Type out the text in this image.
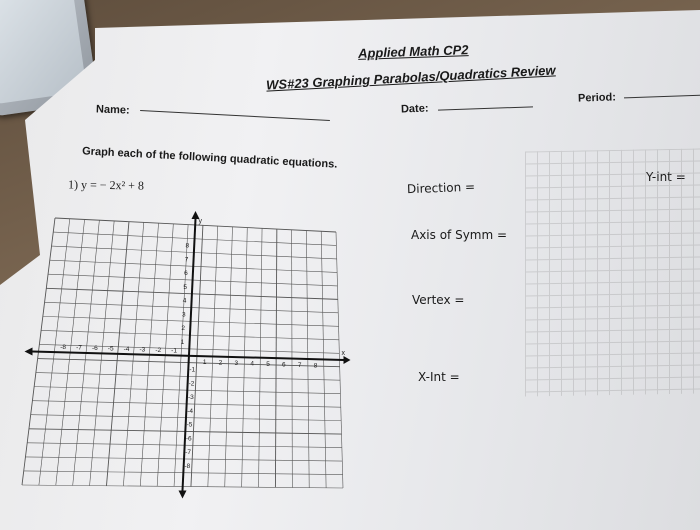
Applied Math CP2
WS#23 Graphing Parabolas/Quadratics Review
Name:	Date:
Period:
Graph each of the following quadratic equations.
1) y = − 2x² + 8	Direction =
Axis of Symm =
Vertex =
X-Int =
Y-int =
-8 -7 -6 -5 -4 -3 -2 -1
1 2 3 4 5 6 7 8
8
7
6
5
4
3
2
1
-1
-2
-3
-4
-5
-6
-7
-8
x
y
